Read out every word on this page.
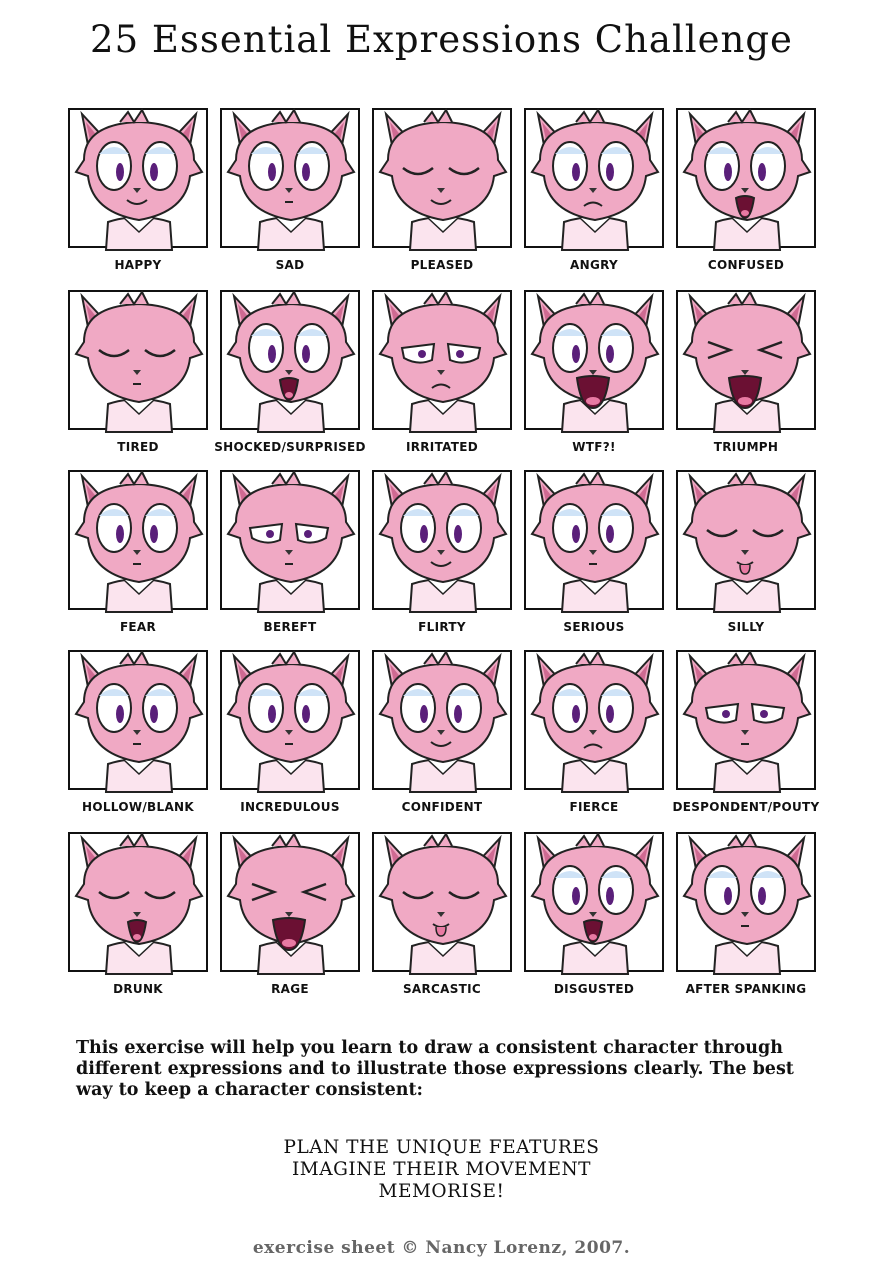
25 Essential Expressions Challenge
HAPPY	SAD	PLEASED	ANGRY	CONFUSED
TIRED	SHOCKED/SURPRISED	IRRITATED	WTF?!	TRIUMPH
FEAR	BEREFT	FLIRTY	SERIOUS	SILLY
HOLLOW/BLANK	INCREDULOUS	CONFIDENT	FIERCE	DESPONDENT/POUTY
DRUNK	RAGE	SARCASTIC	DISGUSTED	AFTER SPANKING
This exercise will help you learn to draw a consistent character through different expressions and to illustrate those expressions clearly. The best way to keep a character consistent:
PLAN THE UNIQUE FEATURES
IMAGINE THEIR MOVEMENT
MEMORISE!
exercise sheet © Nancy Lorenz, 2007.
